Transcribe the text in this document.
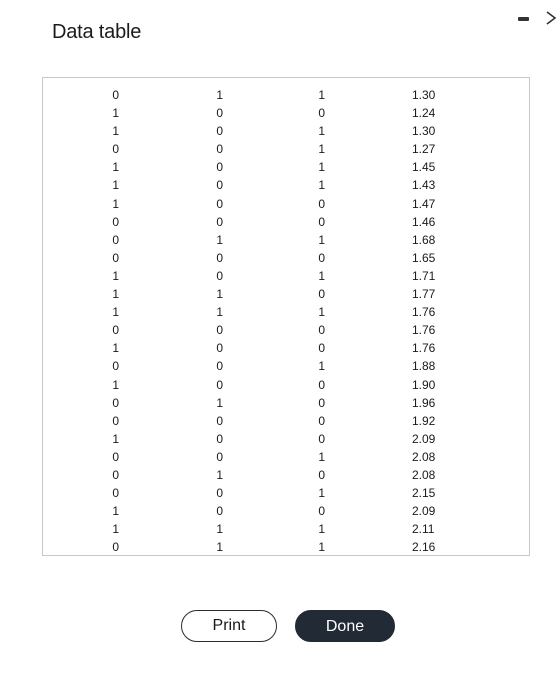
Data table
0	1	1	1.30
1	0	0	1.24
1	0	1	1.30
0	0	1	1.27
1	0	1	1.45
1	0	1	1.43
1	0	0	1.47
0	0	0	1.46
0	1	1	1.68
0	0	0	1.65
1	0	1	1.71
1	1	0	1.77
1	1	1	1.76
0	0	0	1.76
1	0	0	1.76
0	0	1	1.88
1	0	0	1.90
0	1	0	1.96
0	0	0	1.92
1	0	0	2.09
0	0	1	2.08
0	1	0	2.08
0	0	1	2.15
1	0	0	2.09
1	1	1	2.11
0	1	1	2.16
Print	Done
